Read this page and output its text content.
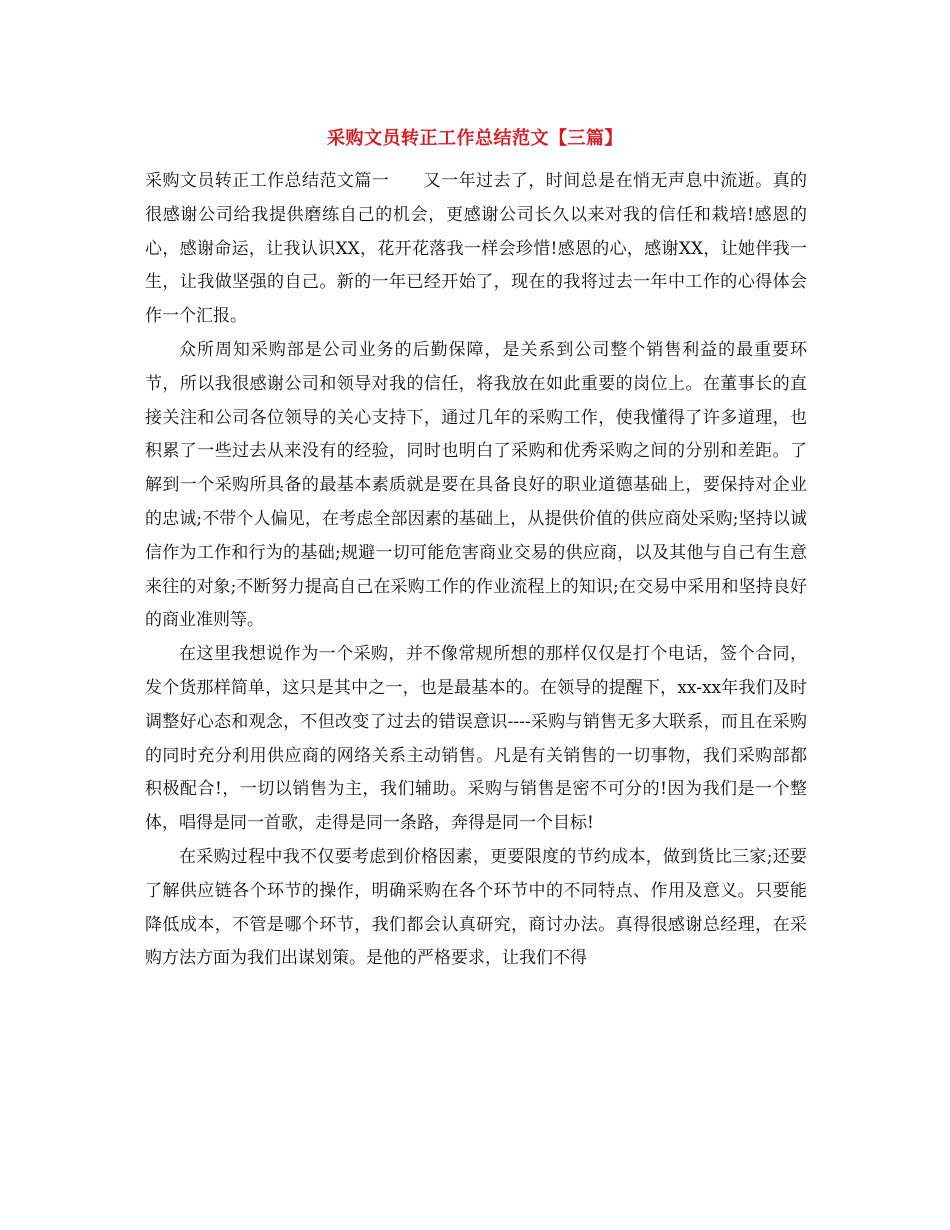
采购文员转正工作总结范文【三篇】

采购文员转正工作总结范文篇一 又一年过去了，时间总是在悄无声息中流逝。真的很感谢公司给我提供磨练自己的机会，更感谢公司长久以来对我的信任和栽培!感恩的心，感谢命运，让我认识XX，花开花落我一样会珍惜!感恩的心，感谢XX，让她伴我一生，让我做坚强的自己。新的一年已经开始了，现在的我将过去一年中工作的心得体会作一个汇报。

众所周知采购部是公司业务的后勤保障，是关系到公司整个销售利益的最重要环节，所以我很感谢公司和领导对我的信任，将我放在如此重要的岗位上。在董事长的直接关注和公司各位领导的关心支持下，通过几年的采购工作，使我懂得了许多道理，也积累了一些过去从来没有的经验，同时也明白了采购和优秀采购之间的分别和差距。了解到一个采购所具备的最基本素质就是要在具备良好的职业道德基础上，要保持对企业的忠诚;不带个人偏见，在考虑全部因素的基础上，从提供价值的供应商处采购;坚持以诚信作为工作和行为的基础;规避一切可能危害商业交易的供应商，以及其他与自己有生意来往的对象;不断努力提高自己在采购工作的作业流程上的知识;在交易中采用和坚持良好的商业准则等。

在这里我想说作为一个采购，并不像常规所想的那样仅仅是打个电话，签个合同，发个货那样简单，这只是其中之一，也是最基本的。在领导的提醒下，xx-xx年我们及时调整好心态和观念，不但改变了过去的错误意识----采购与销售无多大联系，而且在采购的同时充分利用供应商的网络关系主动销售。凡是有关销售的一切事物，我们采购部都积极配合!，一切以销售为主，我们辅助。采购与销售是密不可分的!因为我们是一个整体，唱得是同一首歌，走得是同一条路，奔得是同一个目标!

在采购过程中我不仅要考虑到价格因素，更要限度的节约成本，做到货比三家;还要了解供应链各个环节的操作，明确采购在各个环节中的不同特点、作用及意义。只要能降低成本，不管是哪个环节，我们都会认真研究，商讨办法。真得很感谢总经理，在采购方法方面为我们出谋划策。是他的严格要求，让我们不得
